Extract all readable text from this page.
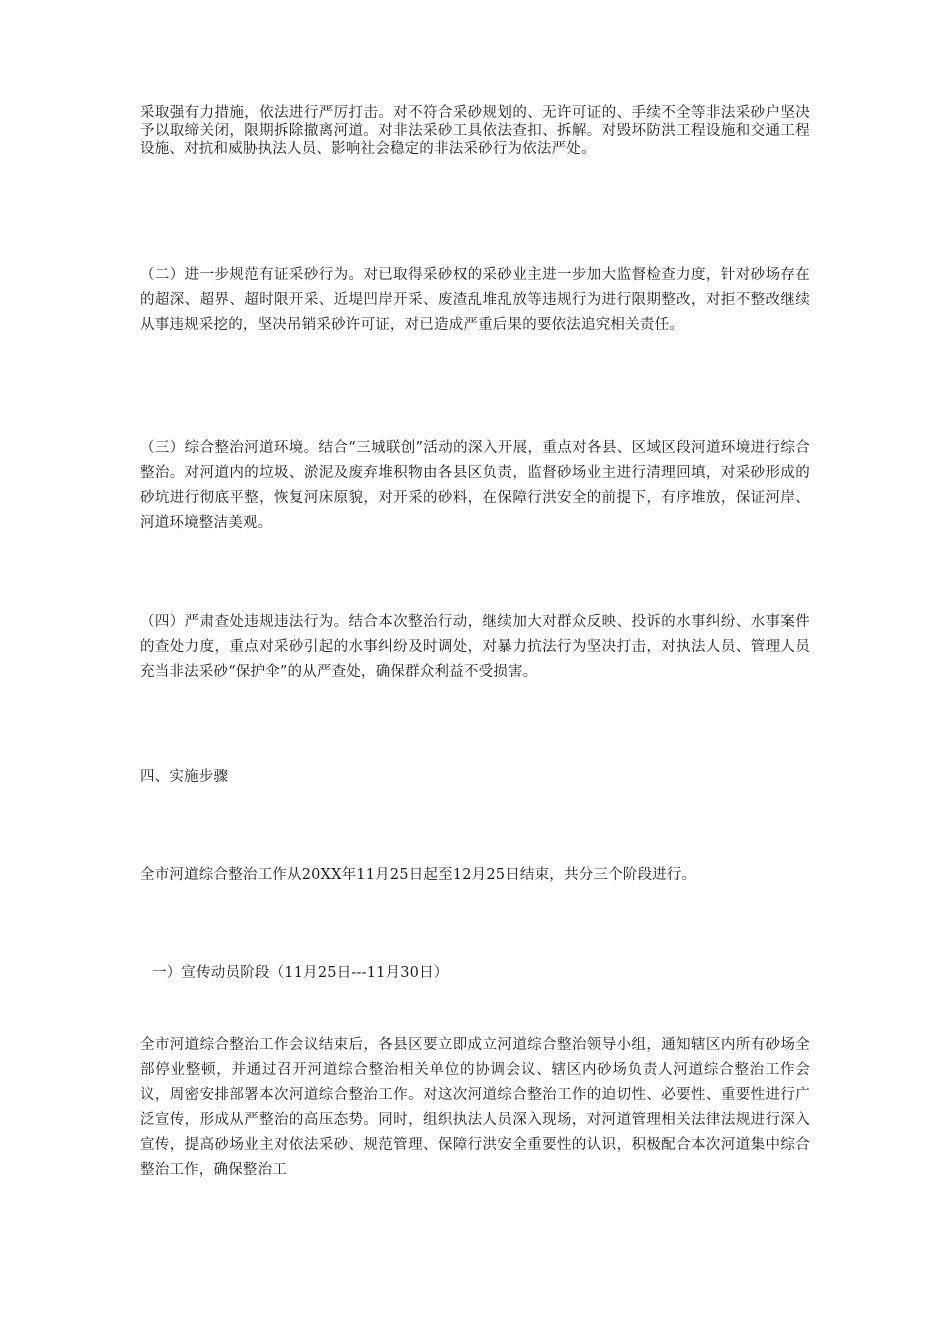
采取强有力措施，依法进行严厉打击。对不符合采砂规划的、无许可证的、手续不全等非法采砂户坚决予以取缔关闭，限期拆除撤离河道。对非法采砂工具依法查扣、拆解。对毁坏防洪工程设施和交通工程设施、对抗和威胁执法人员、影响社会稳定的非法采砂行为依法严处。

（二）进一步规范有证采砂行为。对已取得采砂权的采砂业主进一步加大监督检查力度，针对砂场存在的超深、超界、超时限开采、近堤凹岸开采、废渣乱堆乱放等违规行为进行限期整改，对拒不整改继续从事违规采挖的，坚决吊销采砂许可证，对已造成严重后果的要依法追究相关责任。

（三）综合整治河道环境。结合“三城联创”活动的深入开展，重点对各县、区域区段河道环境进行综合整治。对河道内的垃圾、淤泥及废弃堆积物由各县区负责，监督砂场业主进行清理回填，对采砂形成的砂坑进行彻底平整，恢复河床原貌，对开采的砂料，在保障行洪安全的前提下，有序堆放，保证河岸、河道环境整洁美观。

（四）严肃查处违规违法行为。结合本次整治行动，继续加大对群众反映、投诉的水事纠纷、水事案件的查处力度，重点对采砂引起的水事纠纷及时调处，对暴力抗法行为坚决打击，对执法人员、管理人员充当非法采砂“保护伞”的从严查处，确保群众利益不受损害。

四、实施步骤

全市河道综合整治工作从20XX年11月25日起至12月25日结束，共分三个阶段进行。

一）宣传动员阶段（11月25日---11月30日）

全市河道综合整治工作会议结束后，各县区要立即成立河道综合整治领导小组，通知辖区内所有砂场全部停业整顿，并通过召开河道综合整治相关单位的协调会议、辖区内砂场负责人河道综合整治工作会议，周密安排部署本次河道综合整治工作。对这次河道综合整治工作的迫切性、必要性、重要性进行广泛宣传，形成从严整治的高压态势。同时，组织执法人员深入现场，对河道管理相关法律法规进行深入宣传，提高砂场业主对依法采砂、规范管理、保障行洪安全重要性的认识，积极配合本次河道集中综合整治工作，确保整治工
